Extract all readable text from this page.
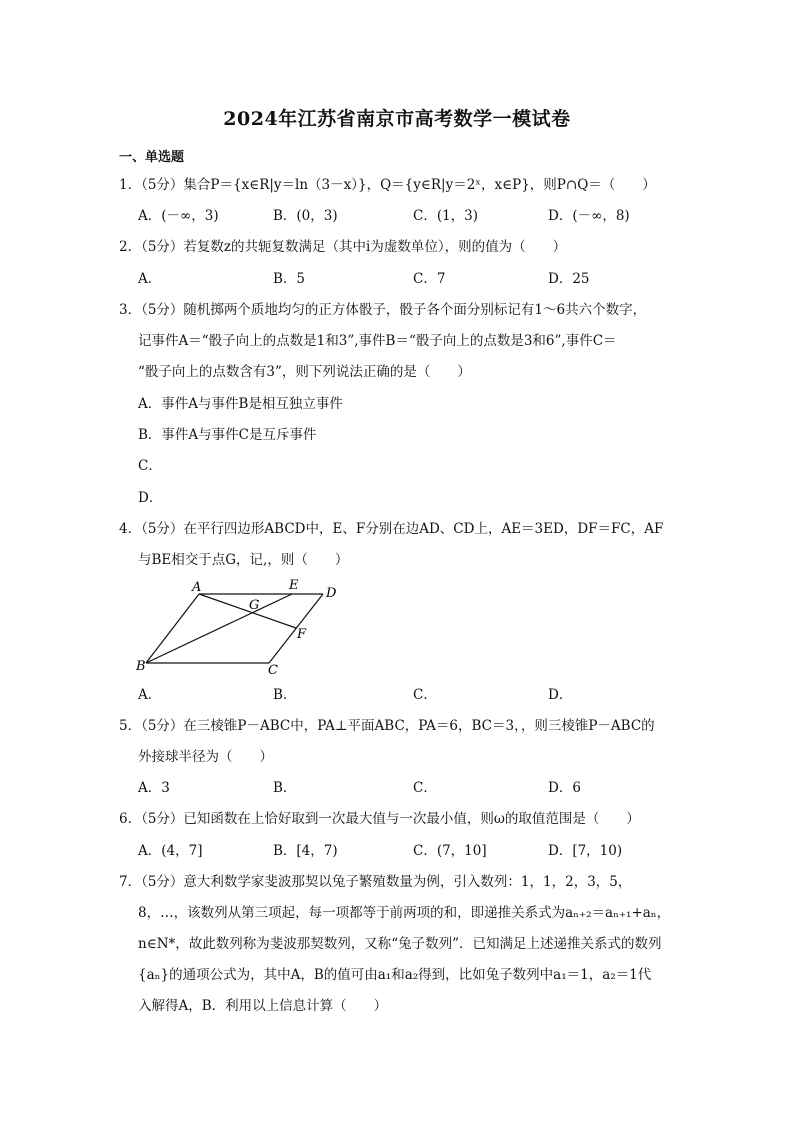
2024年江苏省南京市高考数学一模试卷
一、单选题
1．（5分）集合P＝{x∈R|y＝ln（3－x）}，Q＝{y∈R|y＝2ˣ，x∈P}，则P∩Q＝（　　）
A．(－∞，3)	B．(0，3)	C．(1，3)	D．(－∞，8)
2．（5分）若复数z的共轭复数满足（其中i为虚数单位），则的值为（　　）
A．	B．5	C．7	D．25
3．（5分）随机掷两个质地均匀的正方体骰子，骰子各个面分别标记有1～6共六个数字，
记事件A＝“骰子向上的点数是1和3”,事件B＝“骰子向上的点数是3和6”,事件C＝
“骰子向上的点数含有3”，则下列说法正确的是（　　）
A．事件A与事件B是相互独立事件
B．事件A与事件C是互斥事件
C．
D．
4．（5分）在平行四边形ABCD中，E、F分别在边AD、CD上，AE＝3ED，DF＝FC，AF
与BE相交于点G，记,，则（　　）
A	E
D
G
F
B	C
A．	B．	C．	D．
5．（5分）在三棱锥P－ABC中，PA⊥平面ABC，PA＝6，BC＝3，，则三棱锥P－ABC的
外接球半径为（　　）
A．3	B．	C．	D．6
6．（5分）已知函数在上恰好取到一次最大值与一次最小值，则ω的取值范围是（　　）
A．(4，7]	B．[4，7)	C．(7，10]	D．[7，10)
7．（5分）意大利数学家斐波那契以兔子繁殖数量为例，引入数列：1，1，2，3，5，
8，…，该数列从第三项起，每一项都等于前两项的和，即递推关系式为aₙ₊₂＝aₙ₊₁+aₙ，
n∈N*，故此数列称为斐波那契数列，又称“兔子数列”．已知满足上述递推关系式的数列
{aₙ}的通项公式为，其中A，B的值可由a₁和a₂得到，比如兔子数列中a₁＝1，a₂＝1代
入解得A，B．利用以上信息计算（　　）
